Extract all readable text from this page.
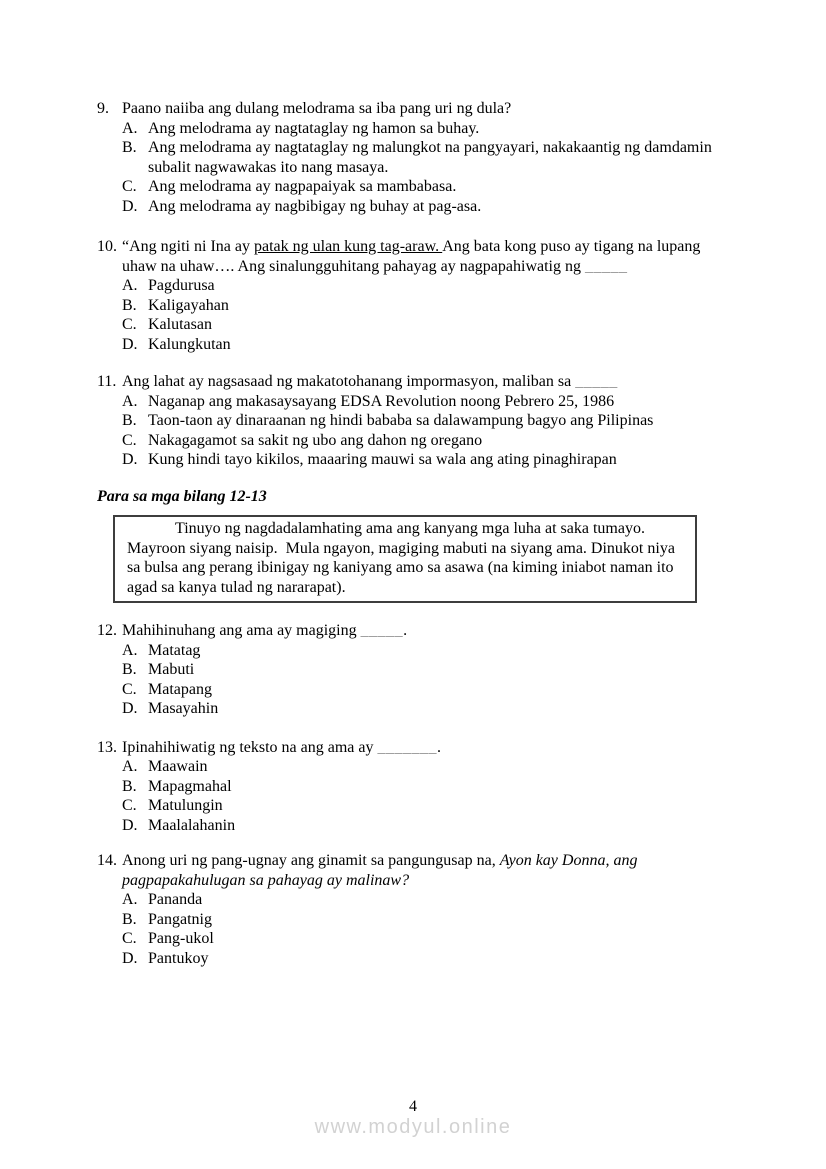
9. Paano naiiba ang dulang melodrama sa iba pang uri ng dula?
A. Ang melodrama ay nagtataglay ng hamon sa buhay.
B. Ang melodrama ay nagtataglay ng malungkot na pangyayari, nakakaantig ng damdamin subalit nagwawakas ito nang masaya.
C. Ang melodrama ay nagpapaiyak sa mambabasa.
D. Ang melodrama ay nagbibigay ng buhay at pag-asa.
10. “Ang ngiti ni Ina ay patak ng ulan kung tag-araw. Ang bata kong puso ay tigang na lupang uhaw na uhaw…. Ang sinalungguhitang pahayag ay nagpapahiwatig ng _____
A. Pagdurusa
B. Kaligayahan
C. Kalutasan
D. Kalungkutan
11. Ang lahat ay nagsasaad ng makatotohanang impormasyon, maliban sa _____
A. Naganap ang makasaysayang EDSA Revolution noong Pebrero 25, 1986
B. Taon-taon ay dinaraanan ng hindi bababa sa dalawampung bagyo ang Pilipinas
C. Nakagagamot sa sakit ng ubo ang dahon ng oregano
D. Kung hindi tayo kikilos, maaaring mauwi sa wala ang ating pinaghirapan
Para sa mga bilang 12-13
Tinuyo ng nagdadalamhating ama ang kanyang mga luha at saka tumayo. Mayroon siyang naisip.  Mula ngayon, magiging mabuti na siyang ama. Dinukot niya sa bulsa ang perang ibinigay ng kaniyang amo sa asawa (na kiming iniabot naman ito agad sa kanya tulad ng nararapat).
12. Mahihinuhang ang ama ay magiging _____.
A. Matatag
B. Mabuti
C. Matapang
D. Masayahin
13. Ipinahihiwatig ng teksto na ang ama ay _______.
A. Maawain
B. Mapagmahal
C. Matulungin
D. Maalalahanin
14. Anong uri ng pang-ugnay ang ginamit sa pangungusap na, Ayon kay Donna, ang pagpapakahulugan sa pahayag ay malinaw?
A. Pananda
B. Pangatnig
C. Pang-ukol
D. Pantukoy
4
www.modyul.online
